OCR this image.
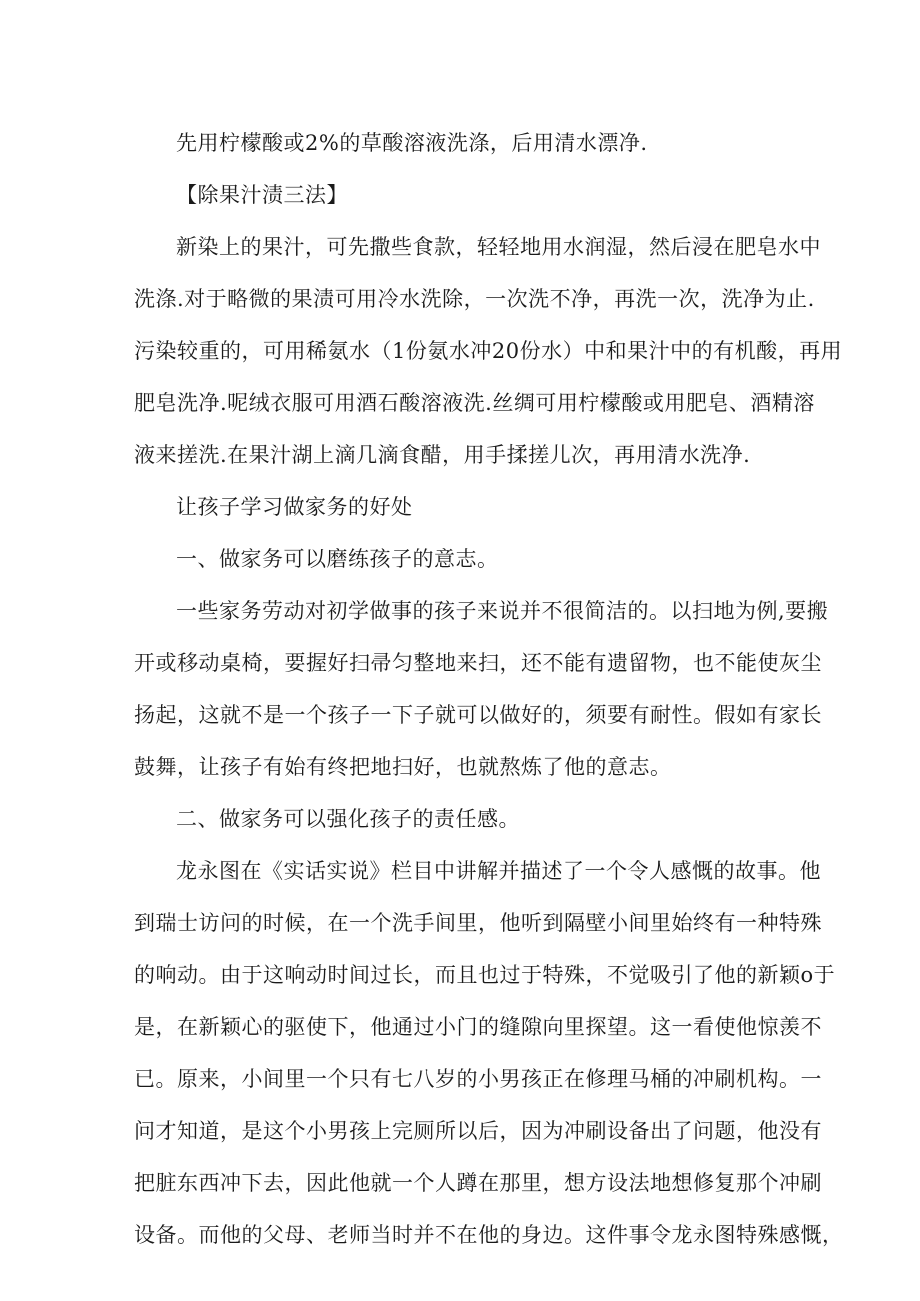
先用柠檬酸或2%的草酸溶液洗涤，后用清水漂净.
【除果汁渍三法】
新染上的果汁，可先撒些食款，轻轻地用水润湿，然后浸在肥皂水中
洗涤.对于略微的果渍可用冷水洗除，一次洗不净，再洗一次，洗净为止.
污染较重的，可用稀氨水（1份氨水冲20份水）中和果汁中的有机酸，再用
肥皂洗净.呢绒衣服可用酒石酸溶液洗.丝绸可用柠檬酸或用肥皂、酒精溶
液来搓洗.在果汁湖上滴几滴食醋，用手揉搓儿次，再用清水洗净.
让孩子学习做家务的好处
一、做家务可以磨练孩子的意志。
一些家务劳动对初学做事的孩子来说并不很简洁的。以扫地为例,要搬
开或移动桌椅，要握好扫帚匀整地来扫，还不能有遗留物，也不能使灰尘
扬起，这就不是一个孩子一下子就可以做好的，须要有耐性。假如有家长
鼓舞，让孩子有始有终把地扫好，也就熬炼了他的意志。
二、做家务可以强化孩子的责任感。
龙永图在《实话实说》栏目中讲解并描述了一个令人感慨的故事。他
到瑞士访问的时候，在一个洗手间里，他听到隔壁小间里始终有一种特殊
的响动。由于这响动时间过长，而且也过于特殊，不觉吸引了他的新颖o于
是，在新颖心的驱使下，他通过小门的缝隙向里探望。这一看使他惊羡不
已。原来，小间里一个只有七八岁的小男孩正在修理马桶的冲刷机构。一
问才知道，是这个小男孩上完厕所以后，因为冲刷设备出了问题，他没有
把脏东西冲下去，因此他就一个人蹲在那里，想方设法地想修复那个冲刷
设备。而他的父母、老师当时并不在他的身边。这件事令龙永图特殊感慨，
